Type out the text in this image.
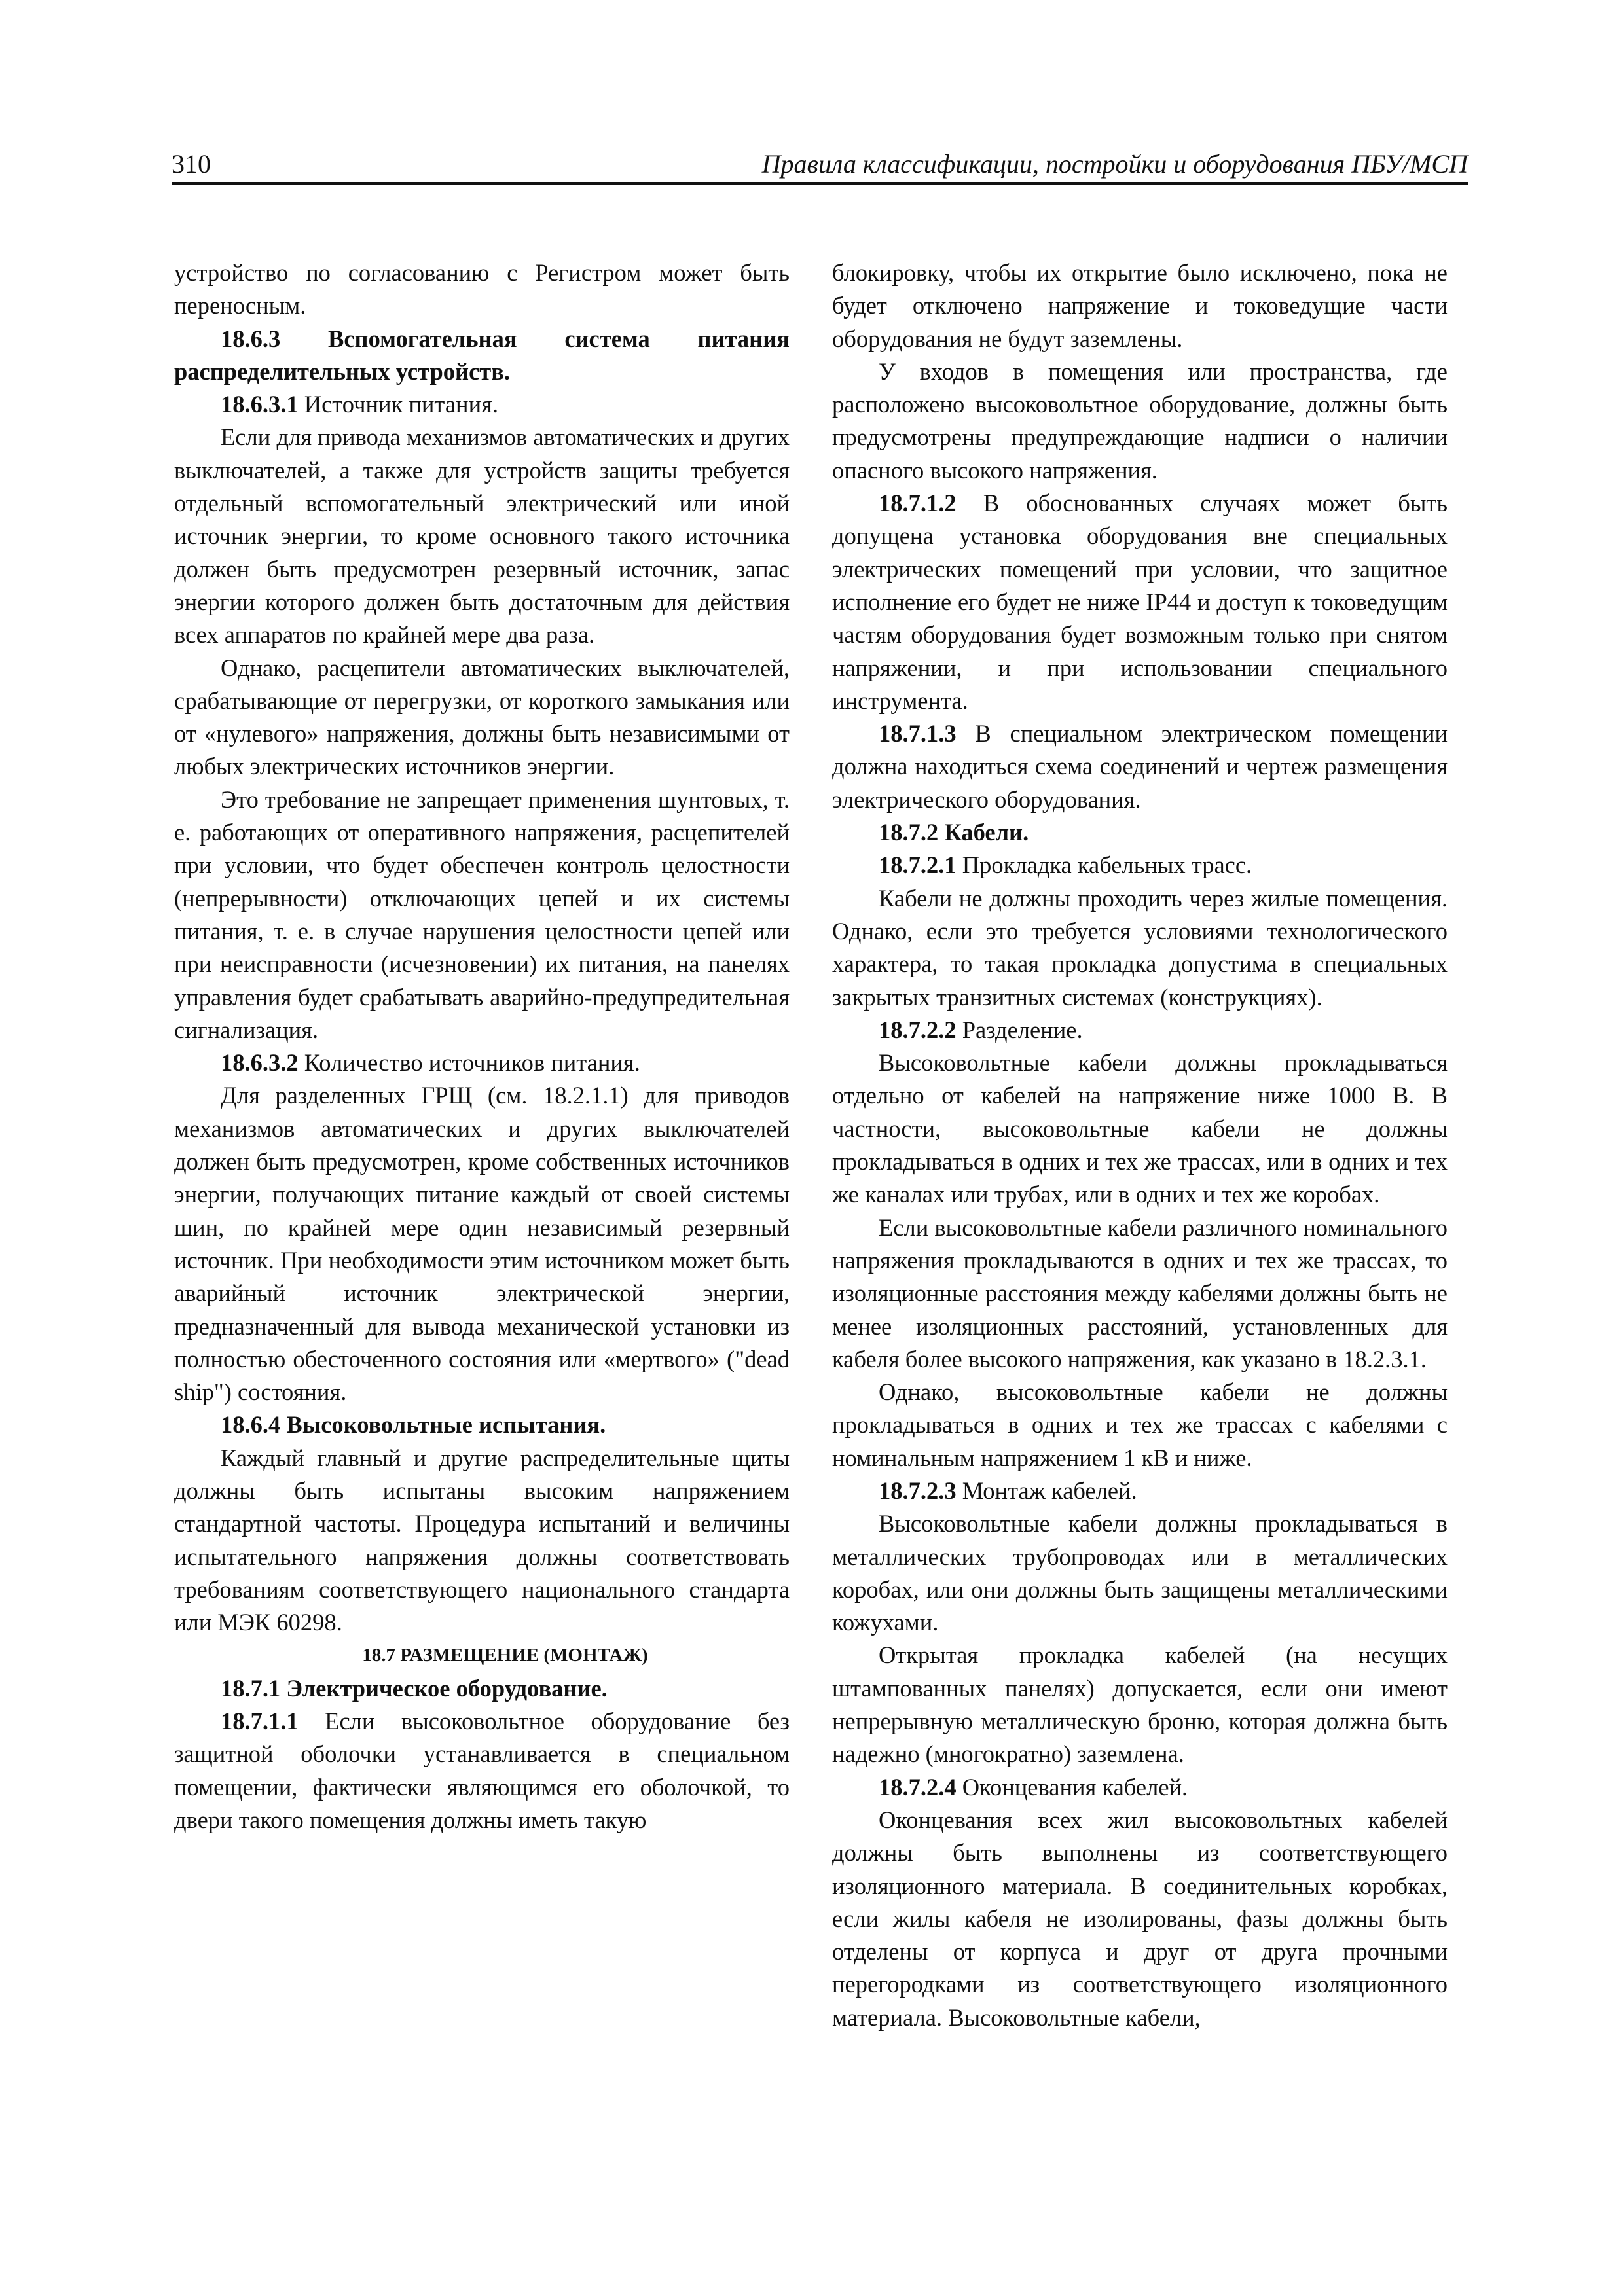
310	Правила классификации, постройки и оборудования ПБУ/МСП

устройство по согласованию с Регистром может быть переносным.

18.6.3 Вспомогательная система питания распределительных устройств.

18.6.3.1 Источник питания.

Если для привода механизмов автоматических и других выключателей, а также для устройств защиты требуется отдельный вспомогательный электрический или иной источник энергии, то кроме основного такого источника должен быть предусмотрен резервный источник, запас энергии которого должен быть достаточным для действия всех аппаратов по крайней мере два раза.

Однако, расцепители автоматических выключателей, срабатывающие от перегрузки, от короткого замыкания или от «нулевого» напряжения, должны быть независимыми от любых электрических источников энергии.

Это требование не запрещает применения шунтовых, т. е. работающих от оперативного напряжения, расцепителей при условии, что будет обеспечен контроль целостности (непрерывности) отключающих цепей и их системы питания, т. е. в случае нарушения целостности цепей или при неисправности (исчезновении) их питания, на панелях управления будет срабатывать аварийно-предупредительная сигнализация.

18.6.3.2 Количество источников питания.

Для разделенных ГРЩ (см. 18.2.1.1) для приводов механизмов автоматических и других выключателей должен быть предусмотрен, кроме собственных источников энергии, получающих питание каждый от своей системы шин, по крайней мере один независимый резервный источник. При необходимости этим источником может быть аварийный источник электрической энергии, предназначенный для вывода механической установки из полностью обесточенного состояния или «мертвого» ("dead ship") состояния.

18.6.4 Высоковольтные испытания.

Каждый главный и другие распределительные щиты должны быть испытаны высоким напряжением стандартной частоты. Процедура испытаний и величины испытательного напряжения должны соответствовать требованиям соответствующего национального стандарта или МЭК 60298.

18.7 РАЗМЕЩЕНИЕ (МОНТАЖ)

18.7.1 Электрическое оборудование.

18.7.1.1 Если высоковольтное оборудование без защитной оболочки устанавливается в специальном помещении, фактически являющимся его оболочкой, то двери такого помещения должны иметь такую

блокировку, чтобы их открытие было исключено, пока не будет отключено напряжение и токоведущие части оборудования не будут заземлены.

У входов в помещения или пространства, где расположено высоковольтное оборудование, должны быть предусмотрены предупреждающие надписи о наличии опасного высокого напряжения.

18.7.1.2 В обоснованных случаях может быть допущена установка оборудования вне специальных электрических помещений при условии, что защитное исполнение его будет не ниже IP44 и доступ к токоведущим частям оборудования будет возможным только при снятом напряжении, и при использовании специального инструмента.

18.7.1.3 В специальном электрическом помещении должна находиться схема соединений и чертеж размещения электрического оборудования.

18.7.2 Кабели.

18.7.2.1 Прокладка кабельных трасс.

Кабели не должны проходить через жилые помещения. Однако, если это требуется условиями технологического характера, то такая прокладка допустима в специальных закрытых транзитных системах (конструкциях).

18.7.2.2 Разделение.

Высоковольтные кабели должны прокладываться отдельно от кабелей на напряжение ниже 1000 В. В частности, высоковольтные кабели не должны прокладываться в одних и тех же трассах, или в одних и тех же каналах или трубах, или в одних и тех же коробах.

Если высоковольтные кабели различного номинального напряжения прокладываются в одних и тех же трассах, то изоляционные расстояния между кабелями должны быть не менее изоляционных расстояний, установленных для кабеля более высокого напряжения, как указано в 18.2.3.1.

Однако, высоковольтные кабели не должны прокладываться в одних и тех же трассах с кабелями с номинальным напряжением 1 кВ и ниже.

18.7.2.3 Монтаж кабелей.

Высоковольтные кабели должны прокладываться в металлических трубопроводах или в металлических коробах, или они должны быть защищены металлическими кожухами.

Открытая прокладка кабелей (на несущих штампованных панелях) допускается, если они имеют непрерывную металлическую броню, которая должна быть надежно (многократно) заземлена.

18.7.2.4 Оконцевания кабелей.

Оконцевания всех жил высоковольтных кабелей должны быть выполнены из соответствующего изоляционного материала. В соединительных коробках, если жилы кабеля не изолированы, фазы должны быть отделены от корпуса и друг от друга прочными перегородками из соответствующего изоляционного материала. Высоковольтные кабели,
